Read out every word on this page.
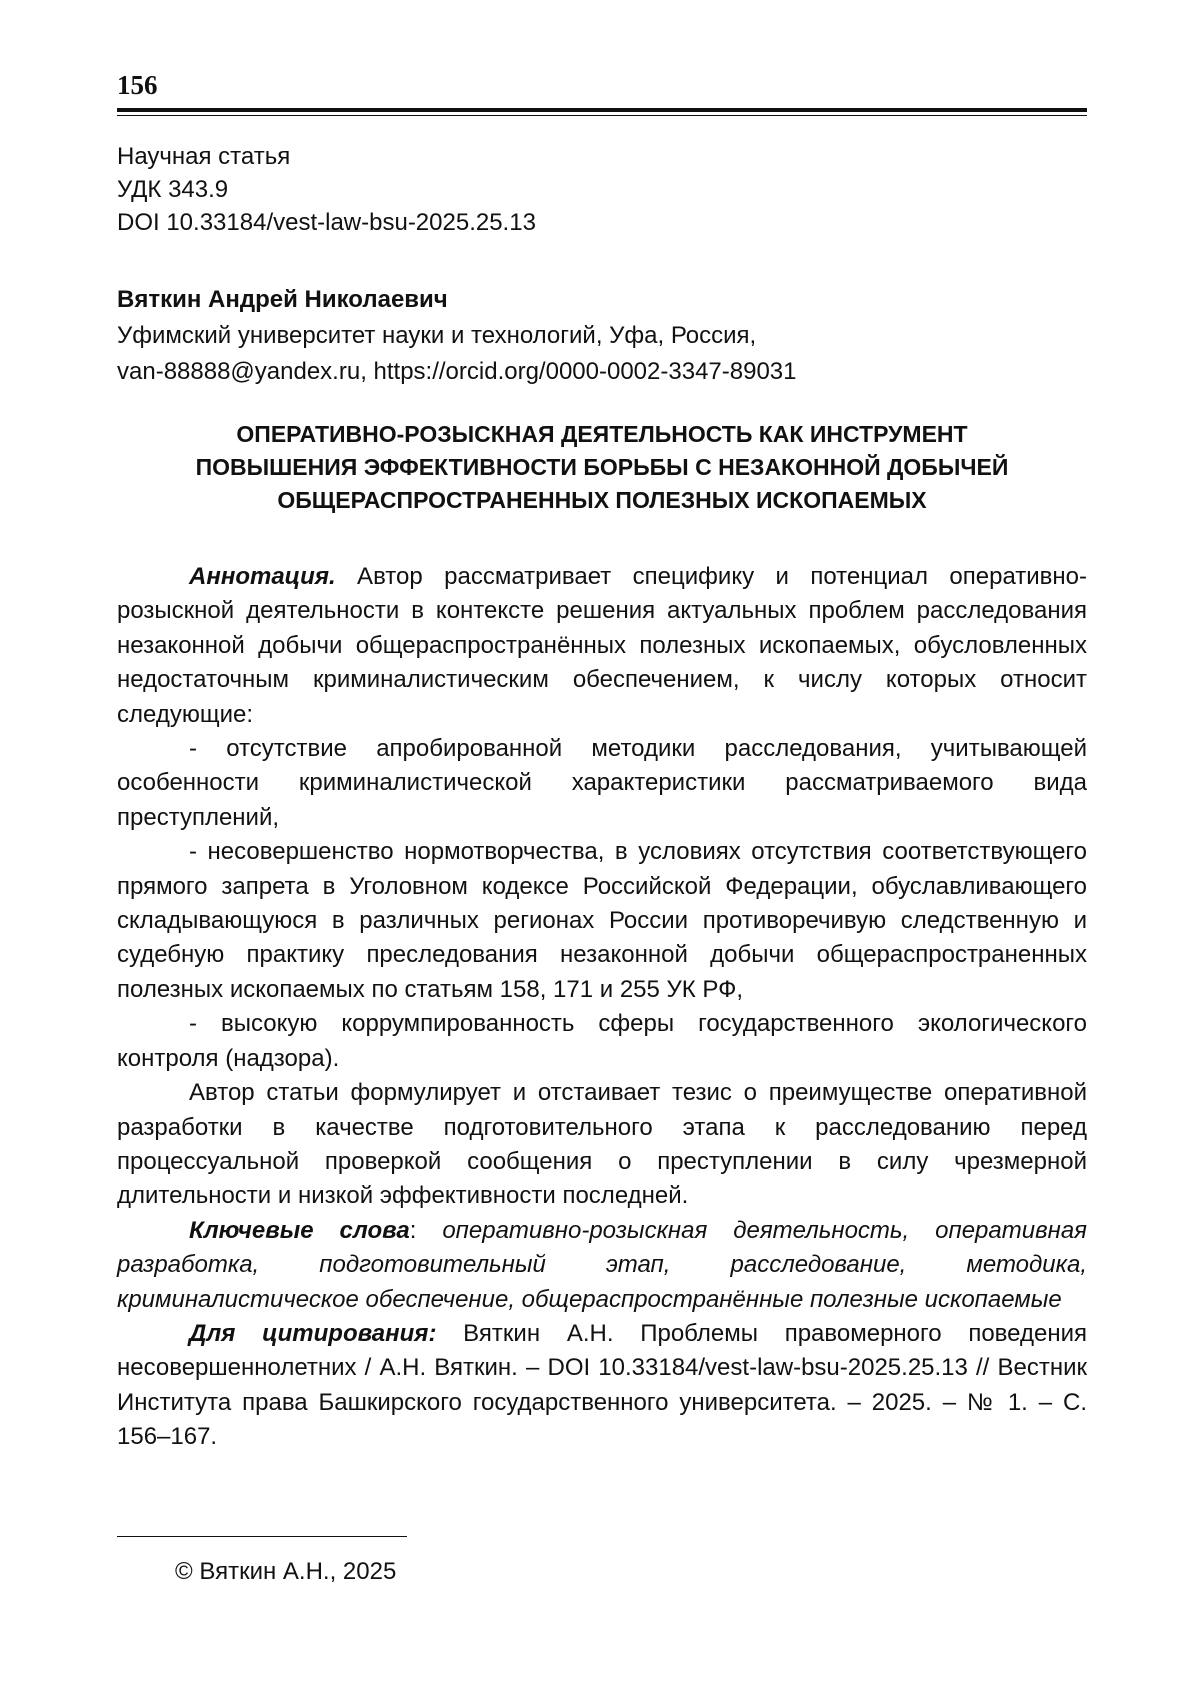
156
Научная статья
УДК 343.9
DOI 10.33184/vest-law-bsu-2025.25.13
Вяткин Андрей Николаевич
Уфимский университет науки и технологий, Уфа, Россия,
van-88888@yandex.ru, https://orcid.org/0000-0002-3347-89031
ОПЕРАТИВНО-РОЗЫСКНАЯ ДЕЯТЕЛЬНОСТЬ КАК ИНСТРУМЕНТ
ПОВЫШЕНИЯ ЭФФЕКТИВНОСТИ БОРЬБЫ С НЕЗАКОННОЙ ДОБЫЧЕЙ
ОБЩЕРАСПРОСТРАНЕННЫХ ПОЛЕЗНЫХ ИСКОПАЕМЫХ

Аннотация. Автор рассматривает специфику и потенциал оперативно-розыскной деятельности в контексте решения актуальных проблем расследования незаконной добычи общераспространённых полезных ископаемых, обусловленных недостаточным криминалистическим обеспечением, к числу которых относит следующие:

- отсутствие апробированной методики расследования, учитывающей особенности криминалистической характеристики рассматриваемого вида преступлений,

- несовершенство нормотворчества, в условиях отсутствия соответствующего прямого запрета в Уголовном кодексе Российской Федерации, обуславливающего складывающуюся в различных регионах России противоречивую следственную и судебную практику преследования незаконной добычи общераспространенных полезных ископаемых по статьям 158, 171 и 255 УК РФ,

- высокую коррумпированность сферы государственного экологического контроля (надзора).

Автор статьи формулирует и отстаивает тезис о преимуществе оперативной разработки в качестве подготовительного этапа к расследованию перед процессуальной проверкой сообщения о преступлении в силу чрезмерной длительности и низкой эффективности последней.

Ключевые слова: оперативно-розыскная деятельность, оперативная разработка, подготовительный этап, расследование, методика, криминалистическое обеспечение, общераспространённые полезные ископаемые

Для цитирования: Вяткин А.Н. Проблемы правомерного поведения несовершеннолетних / А.Н. Вяткин. – DOI 10.33184/vest-law-bsu-2025.25.13 // Вестник Института права Башкирского государственного университета. – 2025. – № 1. – С. 156–167.

© Вяткин А.Н., 2025
